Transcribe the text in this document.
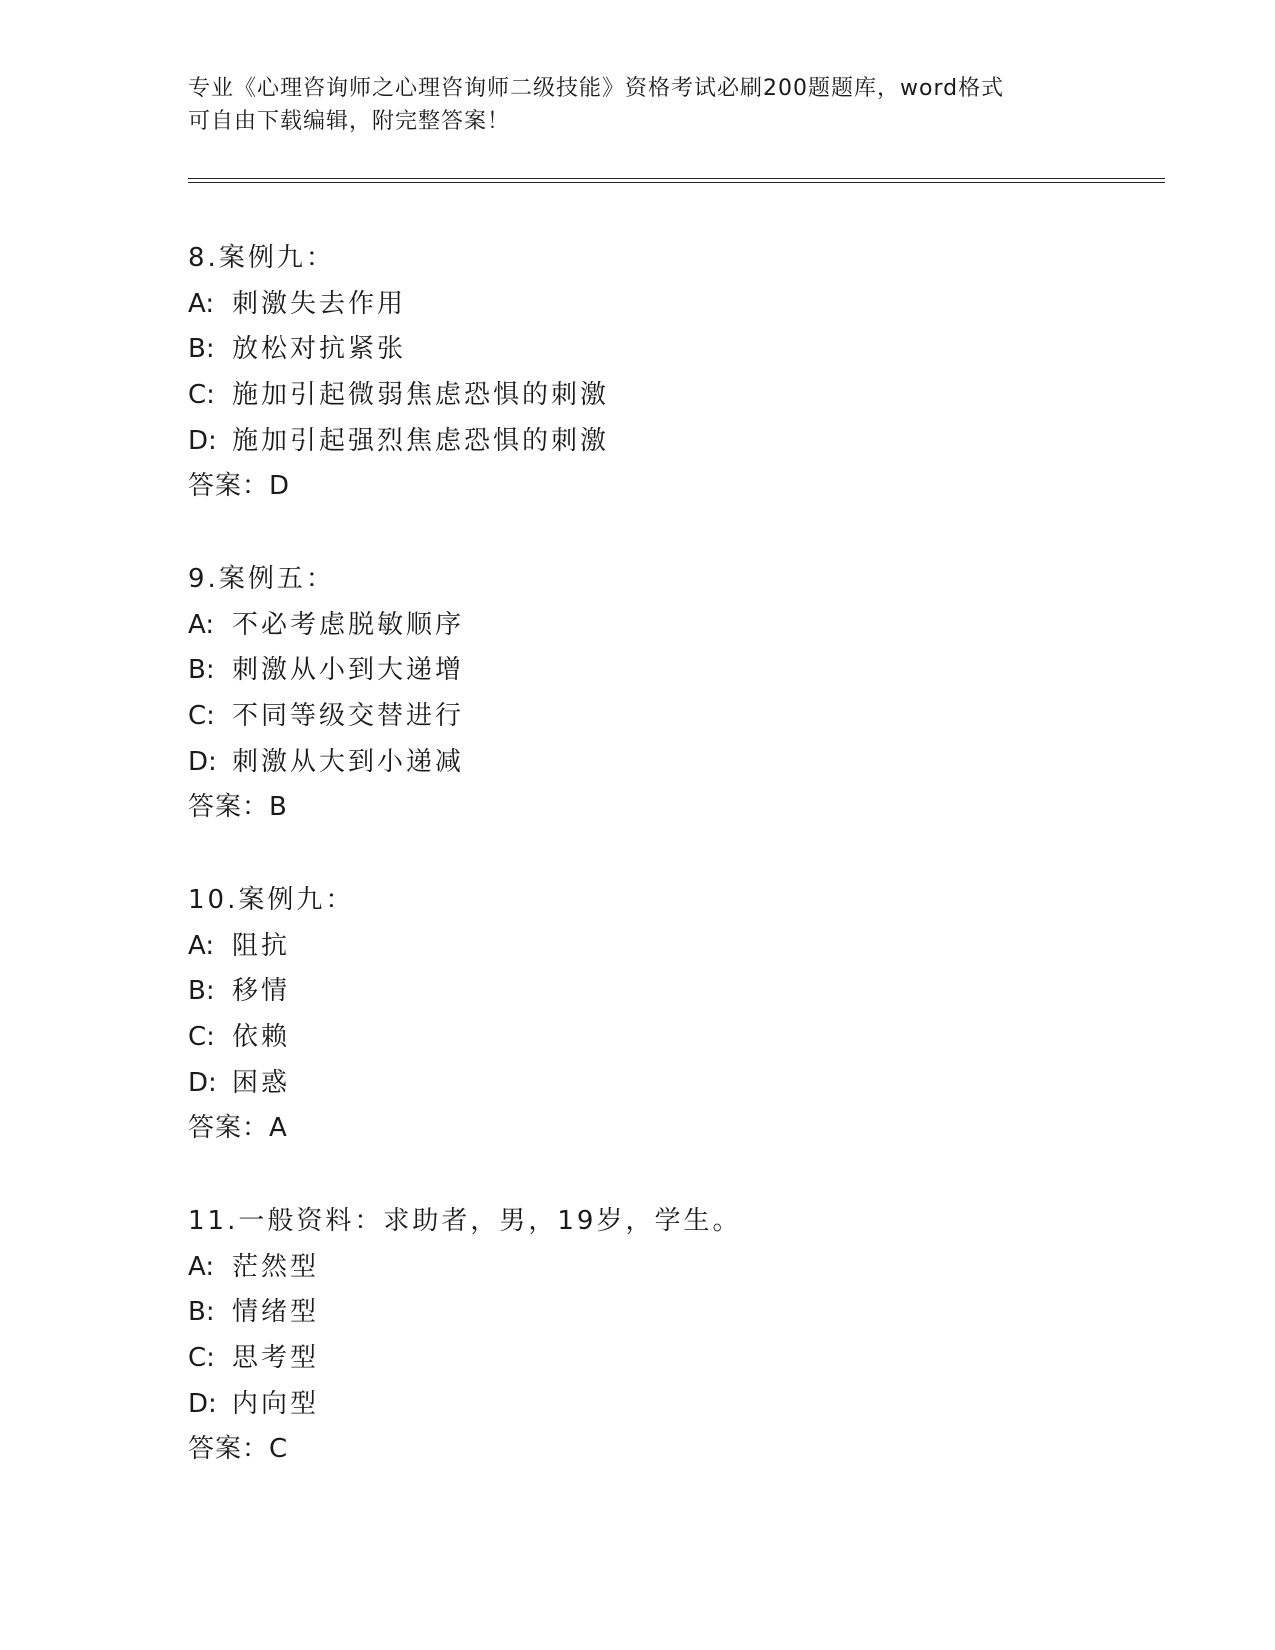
专业《心理咨询师之心理咨询师二级技能》资格考试必刷200题题库，word格式
可自由下载编辑，附完整答案！
8.案例九：
A: 刺激失去作用
B: 放松对抗紧张
C: 施加引起微弱焦虑恐惧的刺激
D: 施加引起强烈焦虑恐惧的刺激
答案：D
9.案例五：
A: 不必考虑脱敏顺序
B: 刺激从小到大递增
C: 不同等级交替进行
D: 刺激从大到小递减
答案：B
10.案例九：
A: 阻抗
B: 移情
C: 依赖
D: 困惑
答案：A
11.一般资料：求助者，男，19岁，学生。
A: 茫然型
B: 情绪型
C: 思考型
D: 内向型
答案：C
